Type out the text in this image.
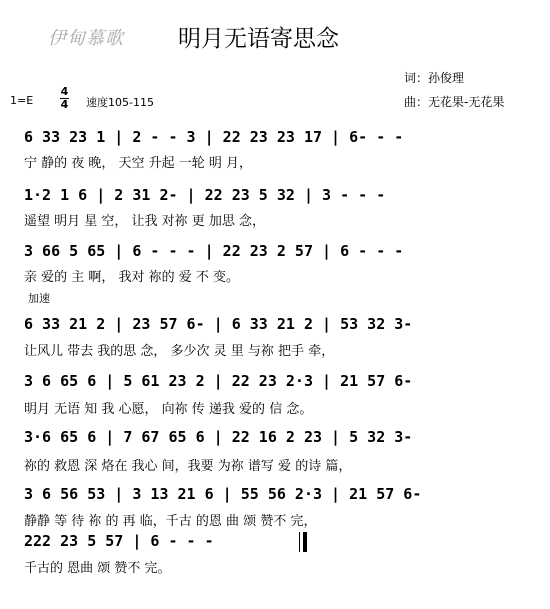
伊甸慕歌 明月无语寄思念
词：孙俊理
曲：无花果-无花果
1=E
4
4 速度105-115
6 33 23 1 | 2 - - 3 | 22 23 23 17 | 6- - -
宁 静的 夜 晚， 天空 升起 一轮 明 月，
1·2 1 6 | 2 31 2- | 22 23 5 32 | 3 - - -
遥望 明月 星 空， 让我 对祢 更 加思 念，
3 66 5 65 | 6 - - - | 22 23 2 57 | 6 - - -
亲 爱的 主 啊， 我对 祢的 爱 不 变。
加速
6 33 21 2 | 23 57 6- | 6 33 21 2 | 53 32 3-
让风儿 带去 我的思 念， 多少次 灵 里 与祢 把手 牵，
3 6 65 6 | 5 61 23 2 | 22 23 2·3 | 21 57 6-
明月 无语 知 我 心愿， 向祢 传 递我 爱的 信 念。
3·6 65 6 | 7 67 65 6 | 22 16 2 23 | 5 32 3-
祢的 救恩 深 烙在 我心 间，我要 为祢 谱写 爱 的诗 篇，
3 6 56 53 | 3 13 21 6 | 55 56 2·3 | 21 57 6-
静静 等 待 祢 的 再 临，千古 的恩 曲 颂 赞不 完，
222 23 5 57 | 6 - - -
千古的 恩曲 颂 赞不 完。
